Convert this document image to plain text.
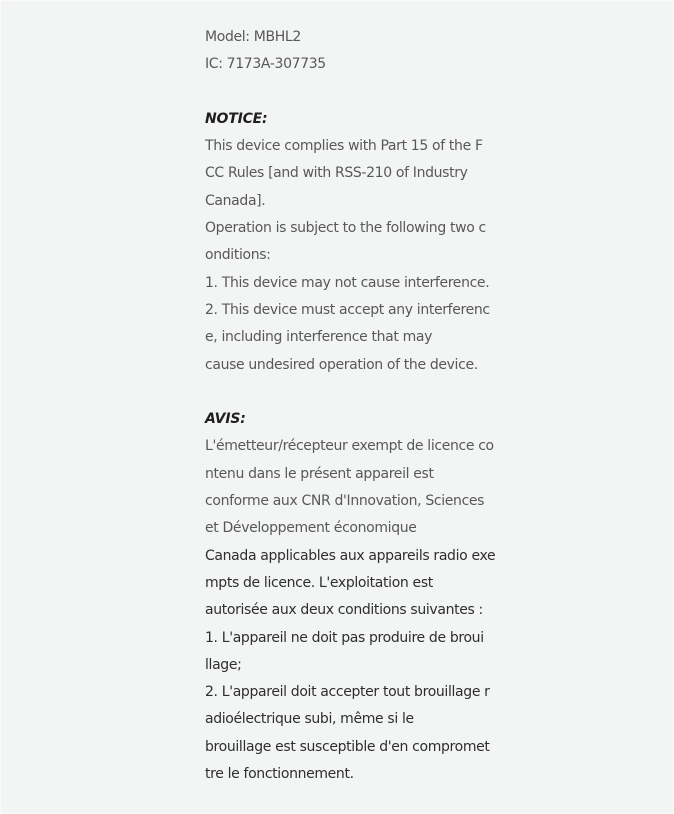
Model: MBHL2
IC: 7173A-307735
NOTICE:
This device complies with Part 15 of the F
CC Rules [and with RSS-210 of Industry
Canada].
Operation is subject to the following two c
onditions:
1. This device may not cause interference.
2. This device must accept any interferenc
e, including interference that may
cause undesired operation of the device.
AVIS:
L'émetteur/récepteur exempt de licence co
ntenu dans le présent appareil est
conforme aux CNR d'Innovation, Sciences
et Développement économique
Canada applicables aux appareils radio exe
mpts de licence. L'exploitation est
autorisée aux deux conditions suivantes :
1. L'appareil ne doit pas produire de broui
llage;
2. L'appareil doit accepter tout brouillage r
adioélectrique subi, même si le
brouillage est susceptible d'en compromet
tre le fonctionnement.
